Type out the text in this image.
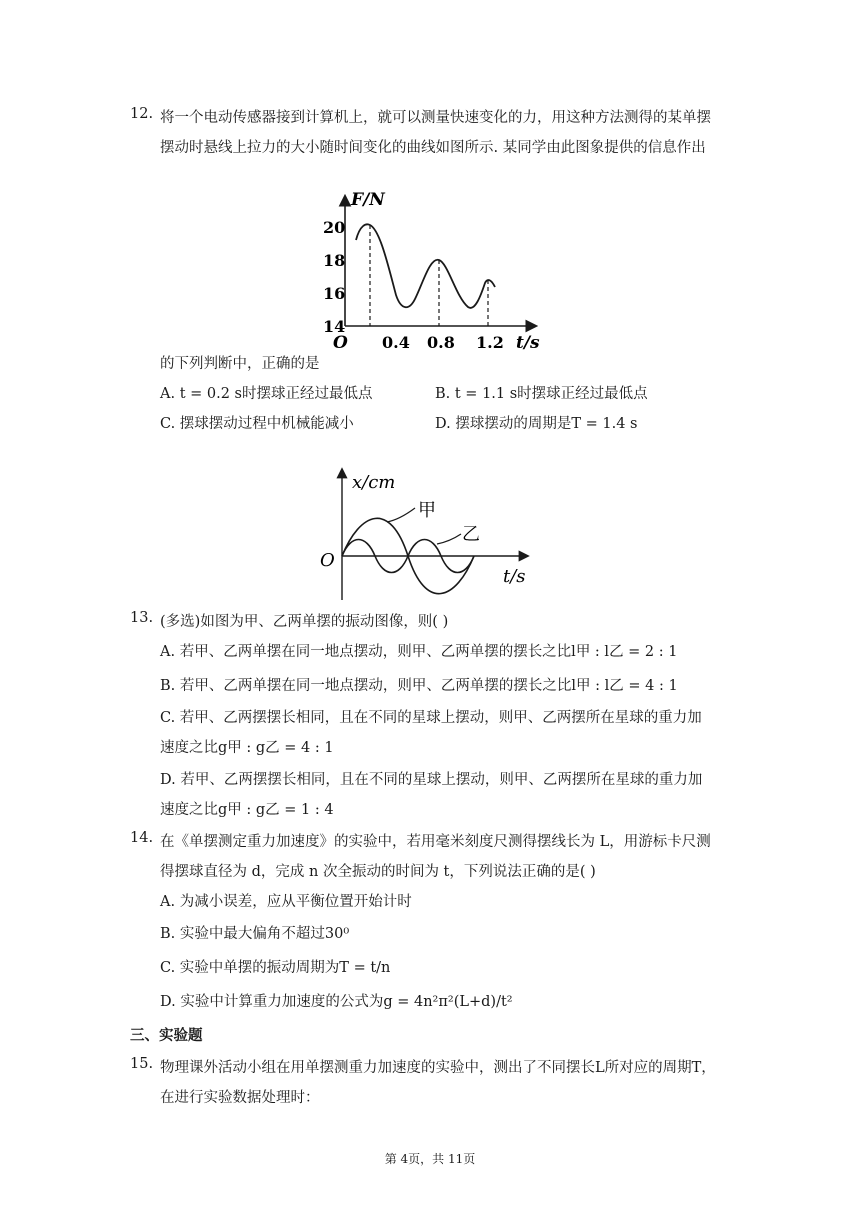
12. 将一个电动传感器接到计算机上，就可以测量快速变化的力，用这种方法测得的某单摆
摆动时悬线上拉力的大小随时间变化的曲线如图所示. 某同学由此图象提供的信息作出
F/N
20
18
16
14
O 0.4 0.8 1.2 t/s
的下列判断中，正确的是
A. t = 0.2 s时摆球正经过最低点	B. t = 1.1 s时摆球正经过最低点
C. 摆球摆动过程中机械能减小	D. 摆球摆动的周期是T = 1.4 s
x/cm
甲
乙
O
t/s
13. (多选)如图为甲、乙两单摆的振动图像，则( )
A. 若甲、乙两单摆在同一地点摆动，则甲、乙两单摆的摆长之比l甲 : l乙 = 2 : 1
B. 若甲、乙两单摆在同一地点摆动，则甲、乙两单摆的摆长之比l甲 : l乙 = 4 : 1
C. 若甲、乙两摆摆长相同，且在不同的星球上摆动，则甲、乙两摆所在星球的重力加
速度之比g甲 : g乙 = 4 : 1
D. 若甲、乙两摆摆长相同，且在不同的星球上摆动，则甲、乙两摆所在星球的重力加
速度之比g甲 : g乙 = 1 : 4
14. 在《单摆测定重力加速度》的实验中，若用毫米刻度尺测得摆线长为 L，用游标卡尺测
得摆球直径为 d，完成 n 次全振动的时间为 t，下列说法正确的是( )
A. 为减小误差，应从平衡位置开始计时
B. 实验中最大偏角不超过30⁰
C. 实验中单摆的振动周期为T = t/n
D. 实验中计算重力加速度的公式为g = 4n²π²(L+d)/t²
三、实验题
15. 物理课外活动小组在用单摆测重力加速度的实验中，测出了不同摆长L所对应的周期T，
在进行实验数据处理时：
第 4页，共 11页
